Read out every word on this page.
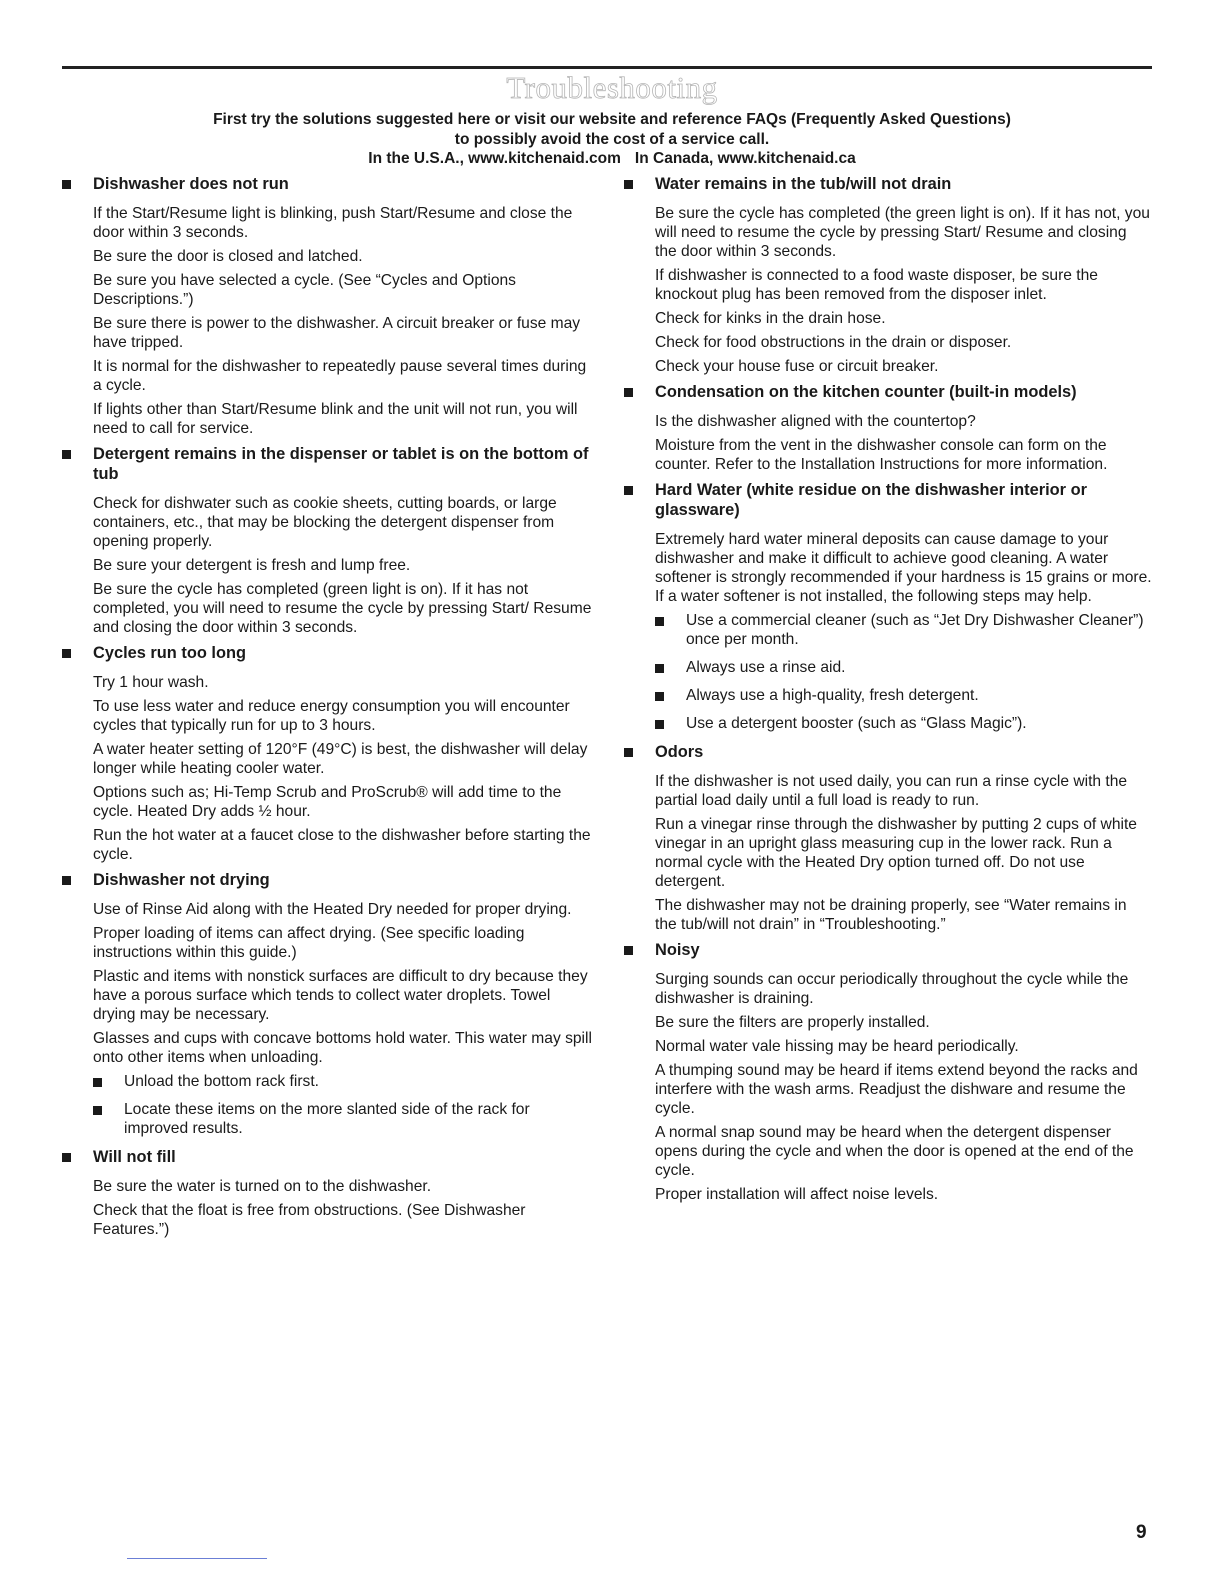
Troubleshooting
First try the solutions suggested here or visit our website and reference FAQs (Frequently Asked Questions)
to possibly avoid the cost of a service call.
In the U.S.A., www.kitchenaid.com In Canada, www.kitchenaid.ca
Dishwasher does not run

If the Start/Resume light is blinking, push Start/Resume and close the door within 3 seconds.

Be sure the door is closed and latched.

Be sure you have selected a cycle. (See “Cycles and Options Descriptions.”)

Be sure there is power to the dishwasher. A circuit breaker or fuse may have tripped.

It is normal for the dishwasher to repeatedly pause several times during a cycle.

If lights other than Start/Resume blink and the unit will not run, you will need to call for service.

Detergent remains in the dispenser or tablet is on the bottom of tub

Check for dishwater such as cookie sheets, cutting boards, or large containers, etc., that may be blocking the detergent dispenser from opening properly.

Be sure your detergent is fresh and lump free.

Be sure the cycle has completed (green light is on). If it has not completed, you will need to resume the cycle by pressing Start/ Resume and closing the door within 3 seconds.

Cycles run too long

Try 1 hour wash.

To use less water and reduce energy consumption you will encounter cycles that typically run for up to 3 hours.

A water heater setting of 120°F (49°C) is best, the dishwasher will delay longer while heating cooler water.

Options such as; Hi-Temp Scrub and ProScrub® will add time to the cycle. Heated Dry adds ½ hour.

Run the hot water at a faucet close to the dishwasher before starting the cycle.

Dishwasher not drying

Use of Rinse Aid along with the Heated Dry needed for proper drying.

Proper loading of items can affect drying. (See specific loading instructions within this guide.)

Plastic and items with nonstick surfaces are difficult to dry because they have a porous surface which tends to collect water droplets. Towel drying may be necessary.

Glasses and cups with concave bottoms hold water. This water may spill onto other items when unloading.

Unload the bottom rack first.
Locate these items on the more slanted side of the rack for improved results.
Will not fill

Be sure the water is turned on to the dishwasher.

Check that the float is free from obstructions. (See Dishwasher Features.”)

Water remains in the tub/will not drain

Be sure the cycle has completed (the green light is on). If it has not, you will need to resume the cycle by pressing Start/ Resume and closing the door within 3 seconds.

If dishwasher is connected to a food waste disposer, be sure the knockout plug has been removed from the disposer inlet.

Check for kinks in the drain hose.

Check for food obstructions in the drain or disposer.

Check your house fuse or circuit breaker.

Condensation on the kitchen counter (built-in models)

Is the dishwasher aligned with the countertop?

Moisture from the vent in the dishwasher console can form on the counter. Refer to the Installation Instructions for more information.

Hard Water (white residue on the dishwasher interior or glassware)

Extremely hard water mineral deposits can cause damage to your dishwasher and make it difficult to achieve good cleaning. A water softener is strongly recommended if your hardness is 15 grains or more. If a water softener is not installed, the following steps may help.

Use a commercial cleaner (such as “Jet Dry Dishwasher Cleaner”) once per month.
Always use a rinse aid.
Always use a high-quality, fresh detergent.
Use a detergent booster (such as “Glass Magic”).
Odors

If the dishwasher is not used daily, you can run a rinse cycle with the partial load daily until a full load is ready to run.

Run a vinegar rinse through the dishwasher by putting 2 cups of white vinegar in an upright glass measuring cup in the lower rack. Run a normal cycle with the Heated Dry option turned off. Do not use detergent.

The dishwasher may not be draining properly, see “Water remains in the tub/will not drain” in “Troubleshooting.”

Noisy

Surging sounds can occur periodically throughout the cycle while the dishwasher is draining.

Be sure the filters are properly installed.

Normal water vale hissing may be heard periodically.

A thumping sound may be heard if items extend beyond the racks and interfere with the wash arms. Readjust the dishware and resume the cycle.

A normal snap sound may be heard when the detergent dispenser opens during the cycle and when the door is opened at the end of the cycle.

Proper installation will affect noise levels.

9
